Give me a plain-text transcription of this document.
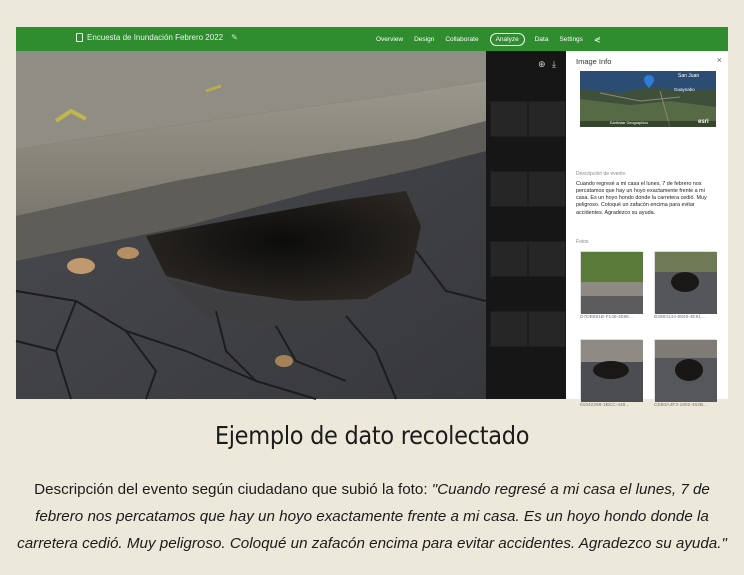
Encuesta de Inundación Febrero 2022 ✎	Overview Design Collaborate	Analyze	Data Settings ⋞
⊕ ⤓	Image Info	×
San Juan
Guaynabo
Earthstar Geographics	esri
Descripción de evento
Cuando regresé a mi casa el lunes, 7 de febrero nos percatamos que hay un hoyo exactamente frente a mi casa. Es un hoyo hondo donde la carretera cedió. Muy peligroso. Coloqué un zafacón encima para evitar accidentes. Agradezco su ayuda.
Fotos
D7DB881B-F148-459E...	B3983144-8848-4E81...
91542298-1BCC-448...	CEB3A4F2-1802-462B...
Ejemplo de dato recolectado
Descripción del evento según ciudadano que subió la foto: "Cuando regresé a mi casa el lunes, 7 de febrero nos percatamos que hay un hoyo exactamente frente a mi casa. Es un hoyo hondo donde la carretera cedió. Muy peligroso. Coloqué un zafacón encima para evitar accidentes. Agradezco su ayuda."
